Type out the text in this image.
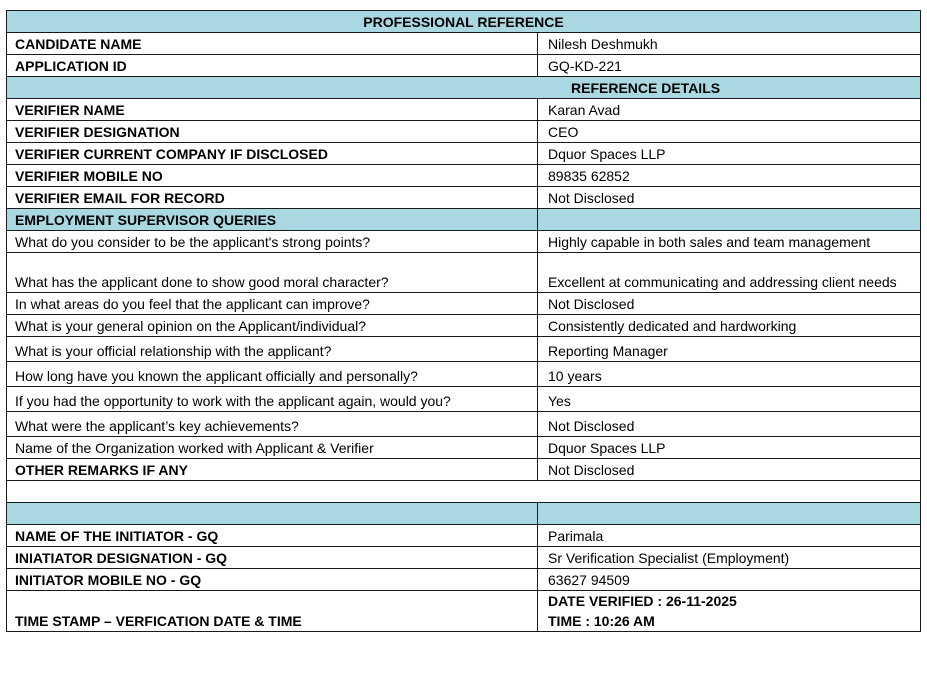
PROFESSIONAL REFERENCE	
CANDIDATE NAME	Nilesh Deshmukh
APPLICATION ID	GQ-KD-221
REFERENCE DETAILS	
VERIFIER NAME	Karan Avad
VERIFIER DESIGNATION	CEO
VERIFIER CURRENT COMPANY IF DISCLOSED	Dquor Spaces LLP
VERIFIER MOBILE NO	89835 62852
VERIFIER EMAIL FOR RECORD	Not Disclosed
EMPLOYMENT SUPERVISOR QUERIES	
What do you consider to be the applicant's strong points?	Highly capable in both sales and team management
What has the applicant done to show good moral character?	Excellent at communicating and addressing client needs
In what areas do you feel that the applicant can improve?	Not Disclosed
What is your general opinion on the Applicant/individual?	Consistently dedicated and hardworking
What is your official relationship with the applicant?	Reporting Manager
How long have you known the applicant officially and personally?	10 years
If you had the opportunity to work with the applicant again, would you?	Yes
What were the applicant’s key achievements?	Not Disclosed
Name of the Organization worked with Applicant & Verifier	Dquor Spaces LLP
OTHER REMARKS IF ANY	Not Disclosed

NAME OF THE INITIATOR - GQ	Parimala
INIATIATOR DESIGNATION - GQ	Sr Verification Specialist (Employment)
INITIATOR MOBILE NO - GQ	63627 94509
TIME STAMP – VERFICATION DATE & TIME	DATE VERIFIED : 26-11-2025
TIME : 10:26 AM
